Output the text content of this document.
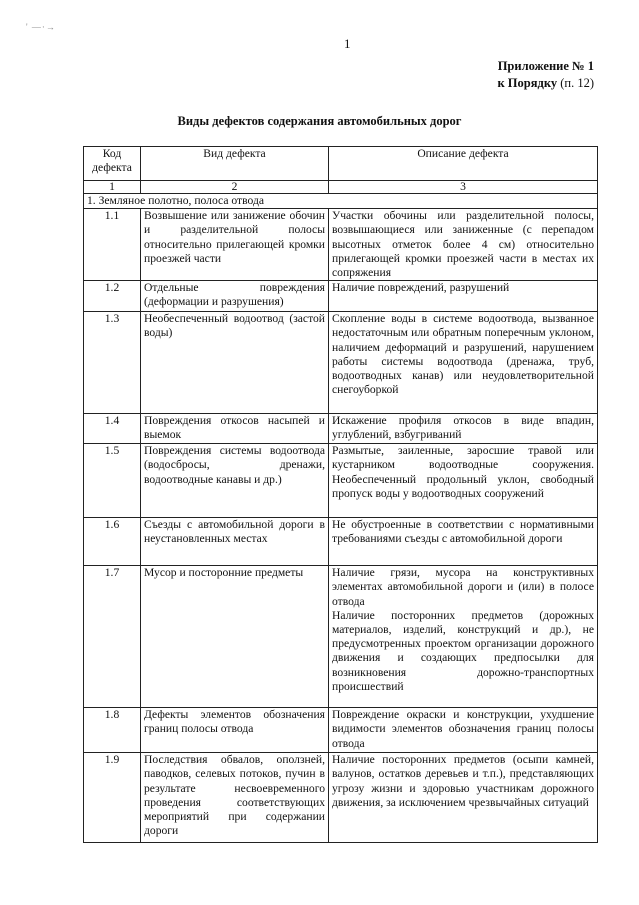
' —·→
1
Приложение № 1
к Порядку (п. 12)
Виды дефектов содержания автомобильных дорог
Код дефекта	Вид дефекта	Описание дефекта
1	2	3
1. Земляное полотно, полоса отвода		
1.1	Возвышение или занижение обочин и разделительной полосы относительно прилегающей кромки проезжей части	Участки обочины или разделительной полосы, возвышающиеся или заниженные (с перепадом высотных отметок более 4 см) относительно прилегающей кромки проезжей части в местах их сопряжения
1.2	Отдельные повреждения (деформации и разрушения)	Наличие повреждений, разрушений
1.3	Необеспеченный водоотвод (застой воды)	Скопление воды в системе водоотвода, вызванное недостаточным или обратным поперечным уклоном, наличием деформаций и разрушений, нарушением работы системы водоотвода (дренажа, труб, водоотводных канав) или неудовлетворительной снегоуборкой
1.4	Повреждения откосов насыпей и выемок	Искажение профиля откосов в виде впадин, углублений, взбугриваний
1.5	Повреждения системы водоотвода (водосбросы, дренажи, водоотводные канавы и др.)	Размытые, заиленные, заросшие травой или кустарником водоотводные сооружения. Необеспеченный продольный уклон, свободный пропуск воды у водоотводных сооружений
1.6	Съезды с автомобильной дороги в неустановленных местах	Не обустроенные в соответствии с нормативными требованиями съезды с автомобильной дороги
1.7	Мусор и посторонние предметы	Наличие грязи, мусора на конструктивных элементах автомобильной дороги и (или) в полосе отвода
Наличие посторонних предметов (дорожных материалов, изделий, конструкций и др.), не предусмотренных проектом организации дорожного движения и создающих предпосылки для возникновения дорожно-транспортных происшествий

1.8	Дефекты элементов обозначения границ полосы отвода	Повреждение окраски и конструкции, ухудшение видимости элементов обозначения границ полосы отвода
1.9	Последствия обвалов, оползней, паводков, селевых потоков, пучин в результате несвоевременного проведения соответствующих мероприятий при содержании дороги	Наличие посторонних предметов (осыпи камней, валунов, остатков деревьев и т.п.), представляющих угрозу жизни и здоровью участникам дорожного движения, за исключением чрезвычайных ситуаций
